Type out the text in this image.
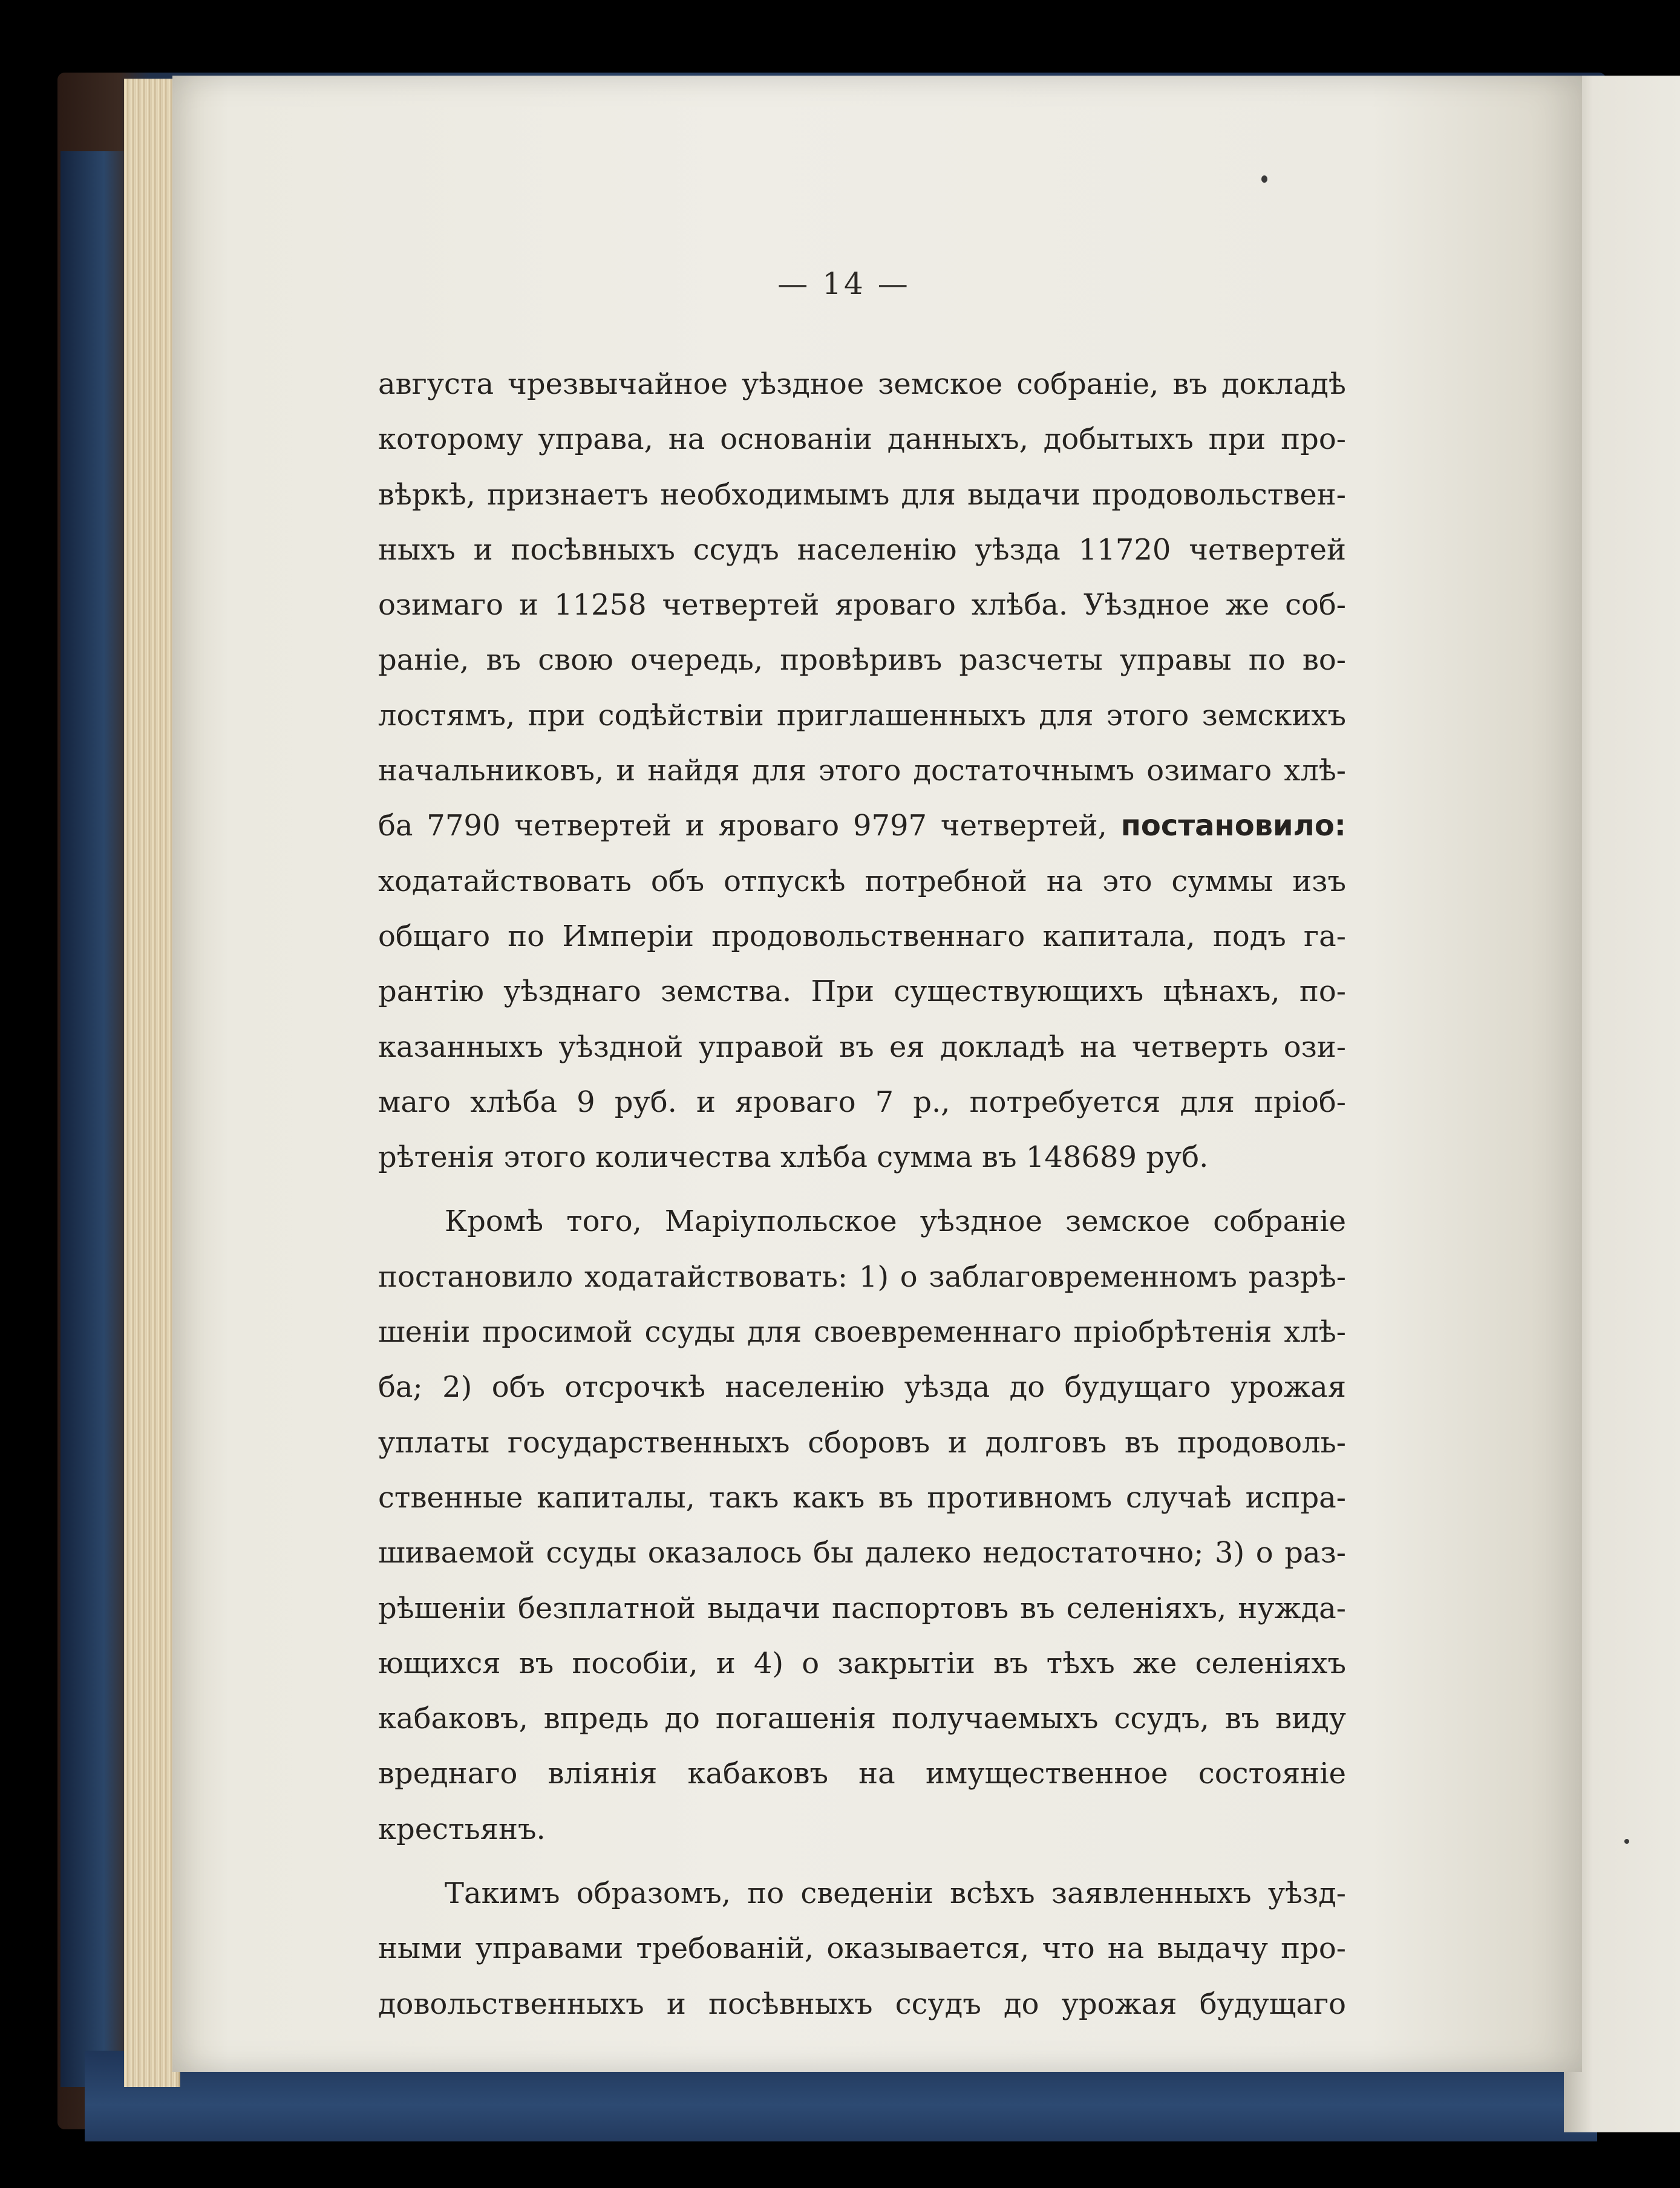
— 14 —
августа чрезвычайное уѣздное земское собраніе, въ докладѣ
которому управа, на основаніи данныхъ, добытыхъ при про-
вѣркѣ, признаетъ необходимымъ для выдачи продовольствен-
ныхъ и посѣвныхъ ссудъ населенію уѣзда 11720 четвертей
озимаго и 11258 четвертей яроваго хлѣба. Уѣздное же соб-
раніе, въ свою очередь, провѣривъ разсчеты управы по во-
лостямъ, при содѣйствіи приглашенныхъ для этого земскихъ
начальниковъ, и найдя для этого достаточнымъ озимаго хлѣ-
ба 7790 четвертей и яроваго 9797 четвертей, постановило:
ходатайствовать объ отпускѣ потребной на это суммы изъ
общаго по Имперіи продовольственнаго капитала, подъ га-
рантію уѣзднаго земства. При существующихъ цѣнахъ, по-
казанныхъ уѣздной управой въ ея докладѣ на четверть ози-
маго хлѣба 9 руб. и яроваго 7 р., потребуется для пріоб-
рѣтенія этого количества хлѣба сумма въ 148689 руб.
Кромѣ того, Маріупольское уѣздное земское собраніе
постановило ходатайствовать: 1) о заблаговременномъ разрѣ-
шеніи просимой ссуды для своевременнаго пріобрѣтенія хлѣ-
ба; 2) объ отсрочкѣ населенію уѣзда до будущаго урожая
уплаты государственныхъ сборовъ и долговъ въ продоволь-
ственные капиталы, такъ какъ въ противномъ случаѣ испра-
шиваемой ссуды оказалось бы далеко недостаточно; 3) о раз-
рѣшеніи безплатной выдачи паспортовъ въ селеніяхъ, нужда-
ющихся въ пособіи, и 4) о закрытіи въ тѣхъ же селеніяхъ
кабаковъ, впредь до погашенія получаемыхъ ссудъ, въ виду
вреднаго вліянія кабаковъ на имущественное состояніе
крестьянъ.
Такимъ образомъ, по сведеніи всѣхъ заявленныхъ уѣзд-
ными управами требованій, оказывается, что на выдачу про-
довольственныхъ и посѣвныхъ ссудъ до урожая будущаго
